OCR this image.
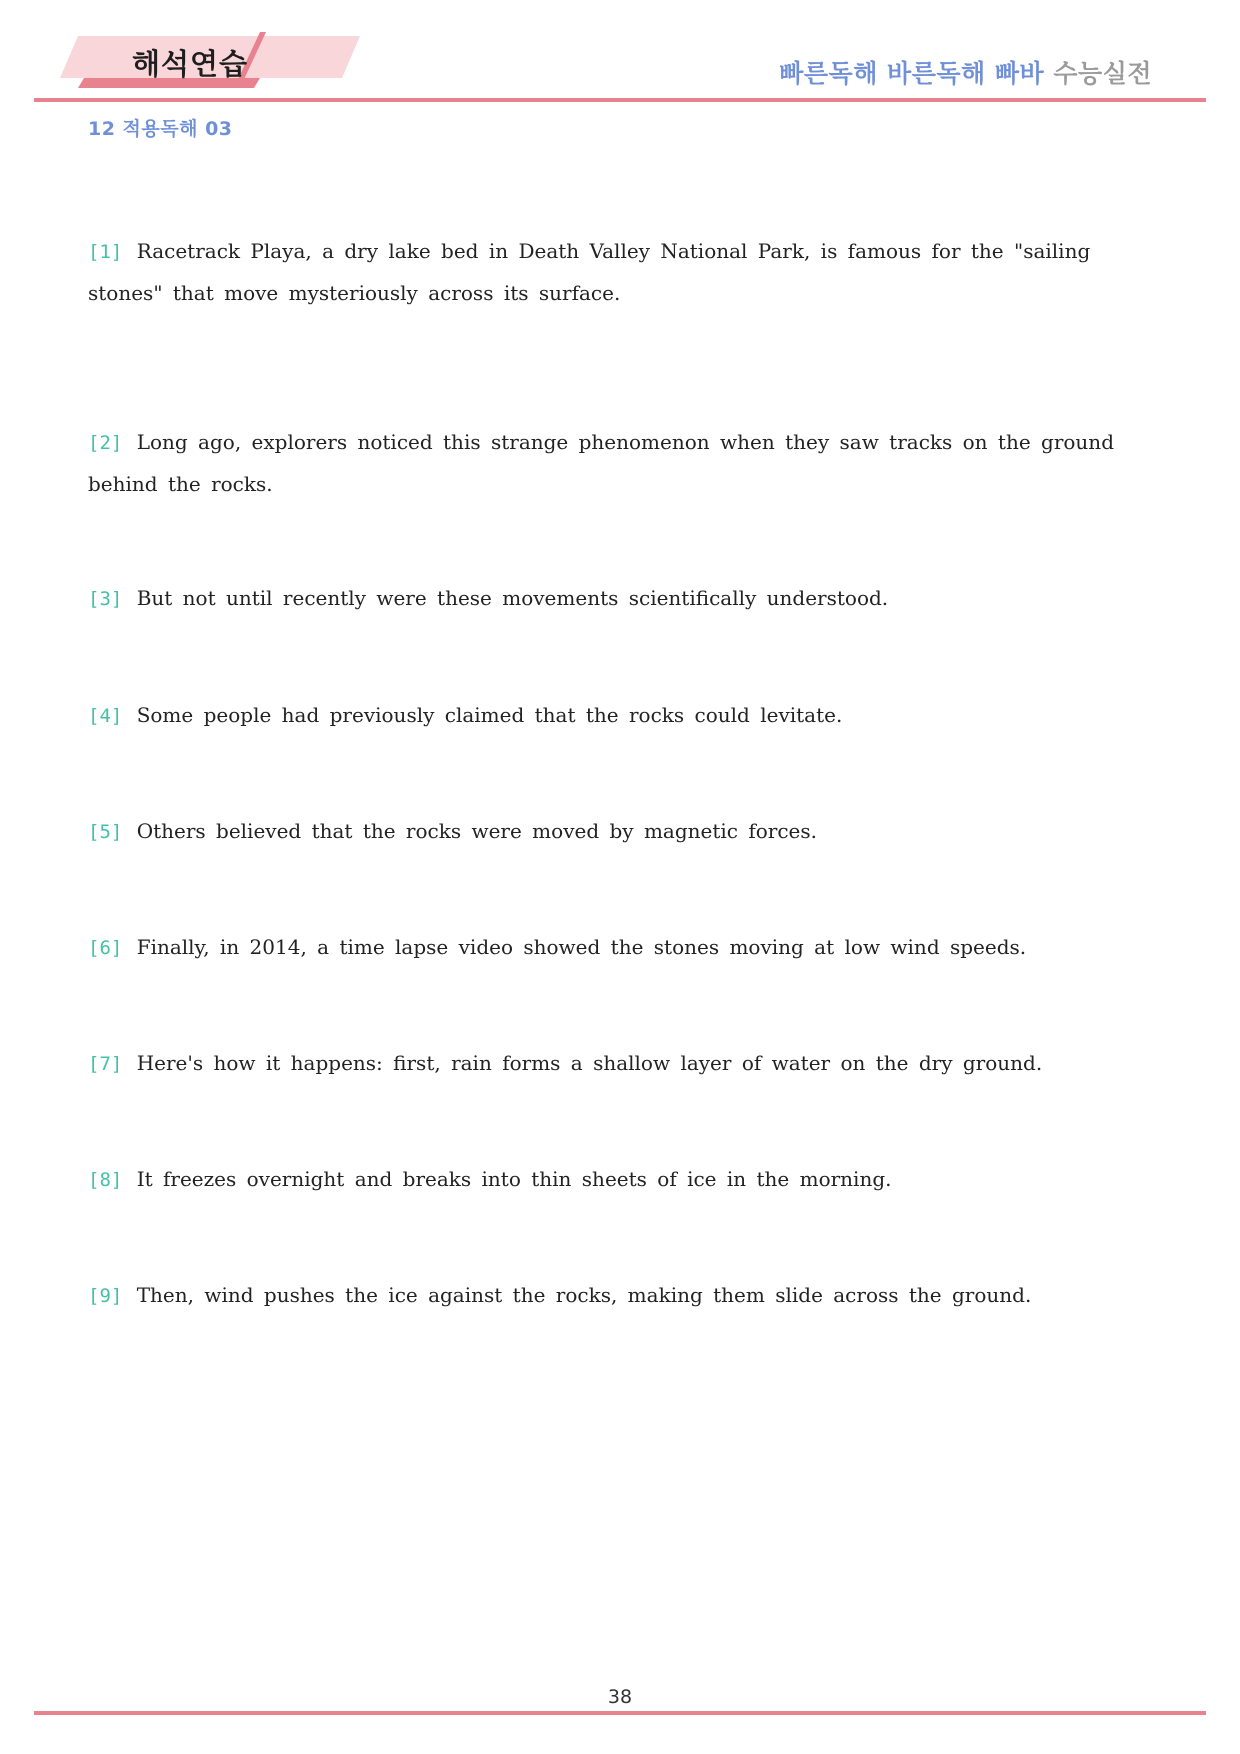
해석연습	빠른독해 바른독해 빠바 수능실전
12 적용독해 03
[1] Racetrack Playa, a dry lake bed in Death Valley National Park, is famous for the "sailing stones" that move mysteriously across its surface.
[2] Long ago, explorers noticed this strange phenomenon when they saw tracks on the ground behind the rocks.
[3] But not until recently were these movements scientifically understood.
[4] Some people had previously claimed that the rocks could levitate.
[5] Others believed that the rocks were moved by magnetic forces.
[6] Finally, in 2014, a time lapse video showed the stones moving at low wind speeds.
[7] Here's how it happens: first, rain forms a shallow layer of water on the dry ground.
[8] It freezes overnight and breaks into thin sheets of ice in the morning.
[9] Then, wind pushes the ice against the rocks, making them slide across the ground.
38
